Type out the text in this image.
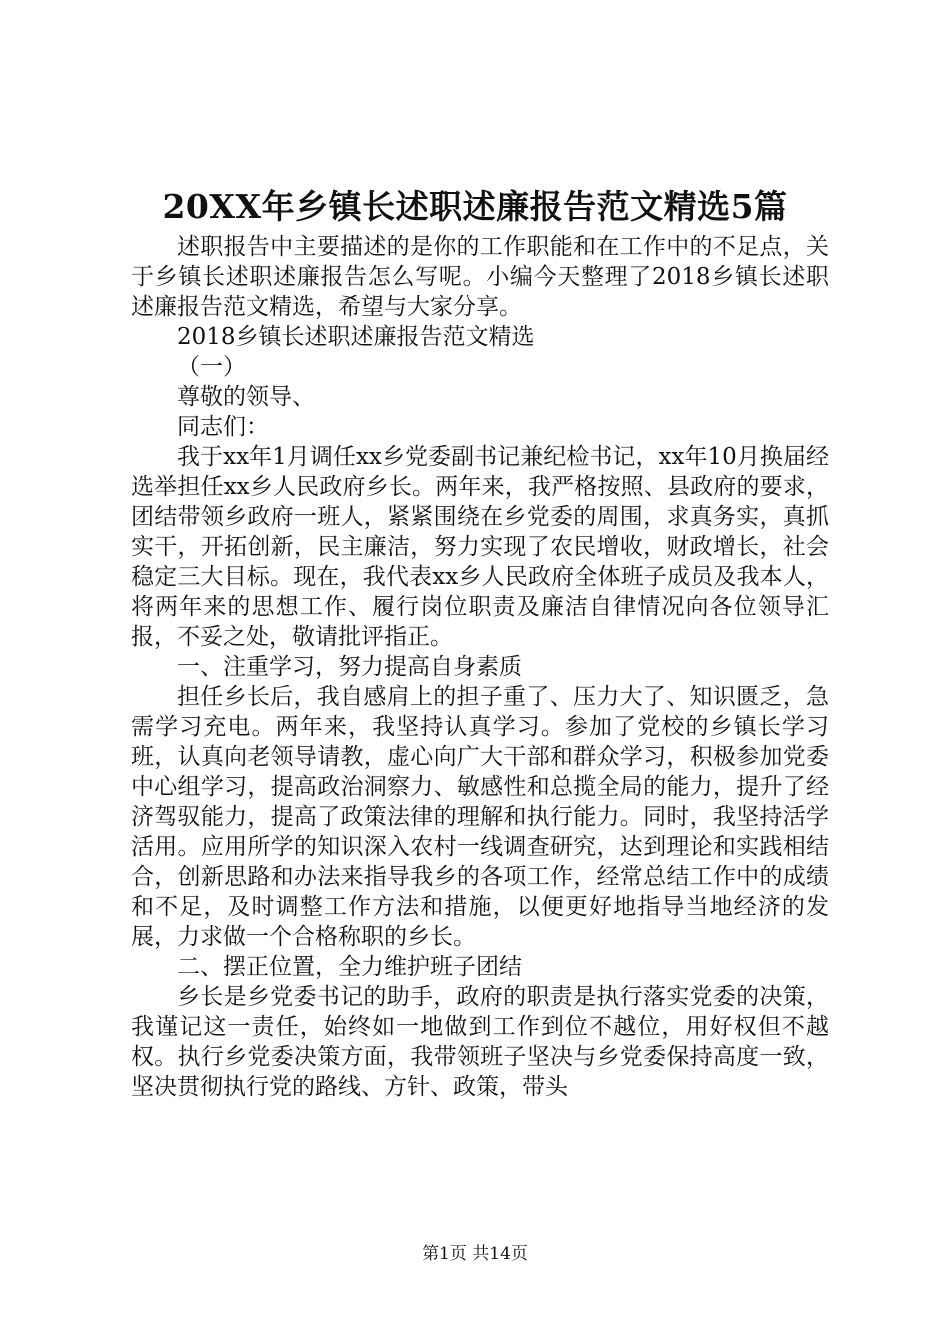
20XX年乡镇长述职述廉报告范文精选5篇

述职报告中主要描述的是你的工作职能和在工作中的不足点，关于乡镇长述职述廉报告怎么写呢。小编今天整理了2018乡镇长述职述廉报告范文精选，希望与大家分享。

2018乡镇长述职述廉报告范文精选

（一）

尊敬的领导、

同志们：

我于xx年1月调任xx乡党委副书记兼纪检书记，xx年10月换届经选举担任xx乡人民政府乡长。两年来，我严格按照、县政府的要求，团结带领乡政府一班人，紧紧围绕在乡党委的周围，求真务实，真抓实干，开拓创新，民主廉洁，努力实现了农民增收，财政增长，社会稳定三大目标。现在，我代表xx乡人民政府全体班子成员及我本人，将两年来的思想工作、履行岗位职责及廉洁自律情况向各位领导汇报，不妥之处，敬请批评指正。

一、注重学习，努力提高自身素质

担任乡长后，我自感肩上的担子重了、压力大了、知识匮乏，急需学习充电。两年来，我坚持认真学习。参加了党校的乡镇长学习班，认真向老领导请教，虚心向广大干部和群众学习，积极参加党委中心组学习，提高政治洞察力、敏感性和总揽全局的能力，提升了经济驾驭能力，提高了政策法律的理解和执行能力。同时，我坚持活学活用。应用所学的知识深入农村一线调查研究，达到理论和实践相结合，创新思路和办法来指导我乡的各项工作，经常总结工作中的成绩和不足，及时调整工作方法和措施，以便更好地指导当地经济的发展，力求做一个合格称职的乡长。

二、摆正位置，全力维护班子团结

乡长是乡党委书记的助手，政府的职责是执行落实党委的决策，我谨记这一责任，始终如一地做到工作到位不越位，用好权但不越权。执行乡党委决策方面，我带领班子坚决与乡党委保持高度一致，坚决贯彻执行党的路线、方针、政策，带头

第1页 共14页
